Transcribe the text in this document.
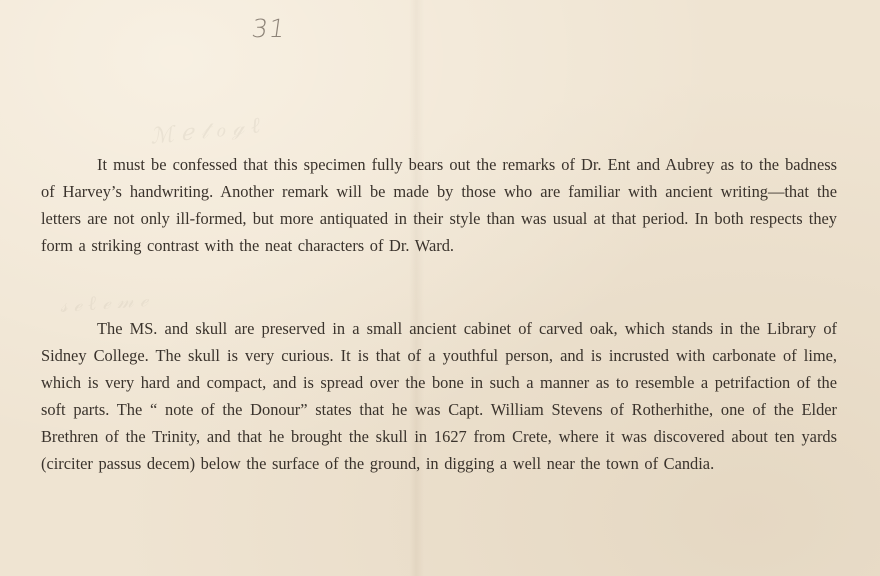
31
ℳ ℯ 𝓉 ℴ ℊ ℓ
𝓈 ℯ ℓ ℯ 𝓂 ℯ

It must be confessed that this specimen fully bears out the remarks of Dr. Ent and Aubrey as to the badness of Harvey’s handwriting. Another remark will be made by those who are familiar with ancient writing—that the letters are not only ill-formed, but more antiquated in their style than was usual at that period. In both respects they form a striking contrast with the neat characters of Dr. Ward.

The MS. and skull are preserved in a small ancient cabinet of carved oak, which stands in the Library of Sidney College. The skull is very curious. It is that of a youthful person, and is incrusted with carbonate of lime, which is very hard and compact, and is spread over the bone in such a manner as to resemble a petrifaction of the soft parts. The “ note of the Donour” states that he was Capt. William Stevens of Rotherhithe, one of the Elder Brethren of the Trinity, and that he brought the skull in 1627 from Crete, where it was discovered about ten yards (circiter passus decem) below the surface of the ground, in digging a well near the town of Candia.
